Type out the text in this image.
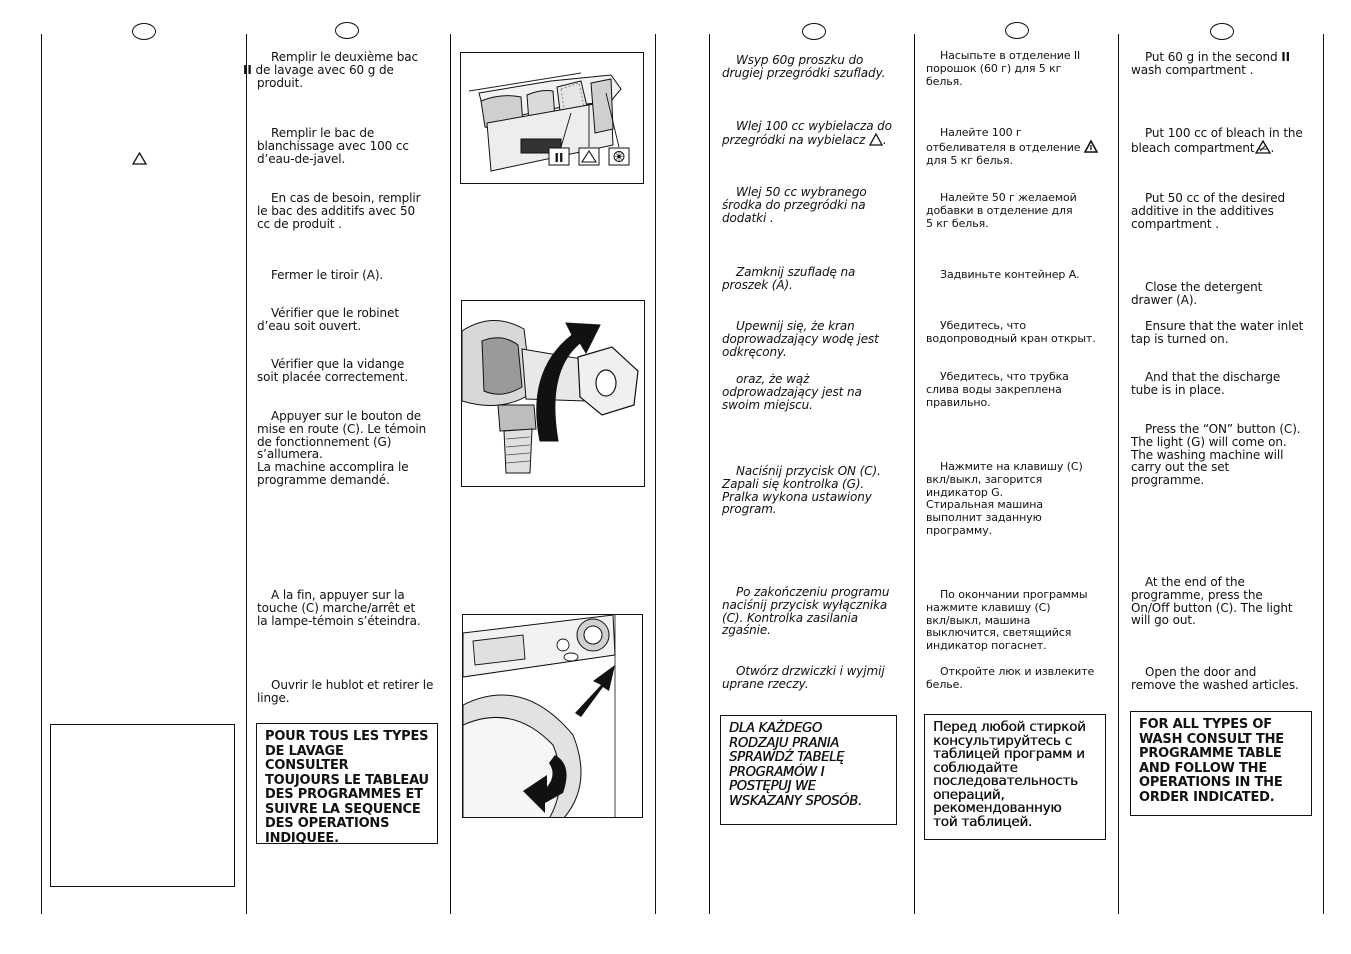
Remplir le deuxième bac
II de lavage avec 60 g de
produit.

Remplir le bac de
blanchissage avec 100 cc
d’eau-de-javel.

En cas de besoin, remplir
le bac des additifs avec 50
cc de produit .

Fermer le tiroir (A).

Vérifier que le robinet
d’eau soit ouvert.

Vérifier que la vidange
soit placée correctement.

Appuyer sur le bouton de
mise en route (C). Le témoin
de fonctionnement (G)
s’allumera.
La machine accomplira le
programme demandé.

A la fin, appuyer sur la
touche (C) marche/arrêt et
la lampe-témoin s’éteindra.

Ouvrir le hublot et retirer le
linge.

POUR TOUS LES TYPES
DE LAVAGE CONSULTER
TOUJOURS LE TABLEAU
DES PROGRAMMES ET
SUIVRE LA SEQUENCE
DES OPERATIONS
INDIQUEE.
II

Wsyp 60g proszku do
drugiej przegródki szuflady.

Wlej 100 cc wybielacza do
przegródki na wybielacz .

Wlej 50 cc wybranego
środka do przegródki na
dodatki .

Zamknij szufladę na
proszek (A).

Upewnij się, że kran
doprowadzający wodę jest
odkręcony.

oraz, że wąż
odprowadzający jest na
swoim miejscu.

Naciśnij przycisk ON (C).
Zapali się kontrolka (G).
Pralka wykona ustawiony
program.

Po zakończeniu programu
naciśnij przycisk wyłącznika
(C). Kontrolka zasilania
zgaśnie.

Otwórz drzwiczki i wyjmij
uprane rzeczy.

DLA KAŻDEGO
RODZAJU PRANIA
SPRAWDŹ TABELĘ
PROGRAMÓW I
POSTĘPUJ WE
WSKAZANY SPOSÓB.

Насыпьте в отделение II
порошок (60 г) для 5 кг
белья.

Налейте 100 г
отбеливателя в отделение
для 5 кг белья.

Налейте 50 г желаемой
добавки в отделение для
5 кг белья.

Задвиньте контейнер А.

Убедитесь, что
водопроводный кран открыт.

Убедитесь, что трубка
слива воды закреплена
правильно.

Нажмите на клавишу (C)
вкл/выкл, загорится
индикатор G.
Стиральная машина
выполнит заданную
программу.

По окончании программы
нажмите клавишу (C)
вкл/выкл, машина
выключится, светящийся
индикатор погаснет.

Откройте люк и извлеките
белье.

Перед любой стиркой
консультируйтесь с
таблицей программ и
соблюдайте
последовательность
операций,
рекомендованную
той таблицей.

Put 60 g in the second II
wash compartment .

Put 100 cc of bleach in the
bleach compartment .

Put 50 cc of the desired
additive in the additives
compartment .

Close the detergent
drawer (A).

Ensure that the water inlet
tap is turned on.

And that the discharge
tube is in place.

Press the “ON” button (C).
The light (G) will come on.
The washing machine will
carry out the set
programme.

At the end of the
programme, press the
On/Off button (C). The light
will go out.

Open the door and
remove the washed articles.

FOR ALL TYPES OF
WASH CONSULT THE
PROGRAMME TABLE
AND FOLLOW THE
OPERATIONS IN THE
ORDER INDICATED.
